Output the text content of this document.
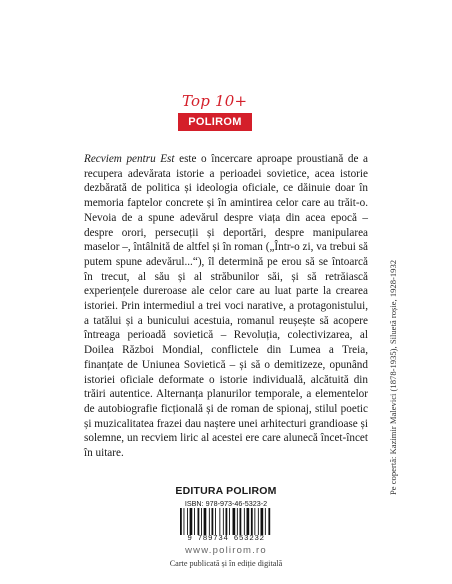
Top 10+
POLIROM

Recviem pentru Est este o încercare aproape proustiană de a recupera adevărata istorie a perioadei sovietice, acea istorie dezbărată de politica și ideologia oficiale, ce dăinuie doar în memoria faptelor concrete și în amintirea celor care au trăit-o. Nevoia de a spune adevărul despre viața din acea epocă – despre orori, persecuții și deportări, despre manipularea maselor –, întâlnită de altfel și în roman („Într-o zi, va trebui să putem spune adevărul...“), îl determină pe erou să se întoarcă în trecut, al său și al străbunilor săi, și să retrăiască experiențele dureroase ale celor care au luat parte la crearea istoriei. Prin intermediul a trei voci narative, a protagonistului, a tatălui și a bunicului acestuia, romanul reușește să acopere întreaga perioadă sovietică – Revoluția, colectivizarea, al Doilea Război Mondial, conflictele din Lumea a Treia, finanțate de Uniunea Sovietică – și să o demitizeze, opunând istoriei oficiale deformate o istorie individuală, alcătuită din trăiri autentice. Alternanța planurilor temporale, a elementelor de autobiografie ficțională și de roman de spionaj, stilul poetic și muzicalitatea frazei dau naștere unei arhitecturi grandioase și solemne, un recviem liric al acestei ere care alunecă încet-încet în uitare.	Pe copertă: Kazimir Malevici (1878-1935), Siluetă roșie, 1928-1932
EDITURA POLIROM
ISBN: 978-973-46-5323-2
9 789734 653232
www.polirom.ro
Carte publicată și în ediție digitală
